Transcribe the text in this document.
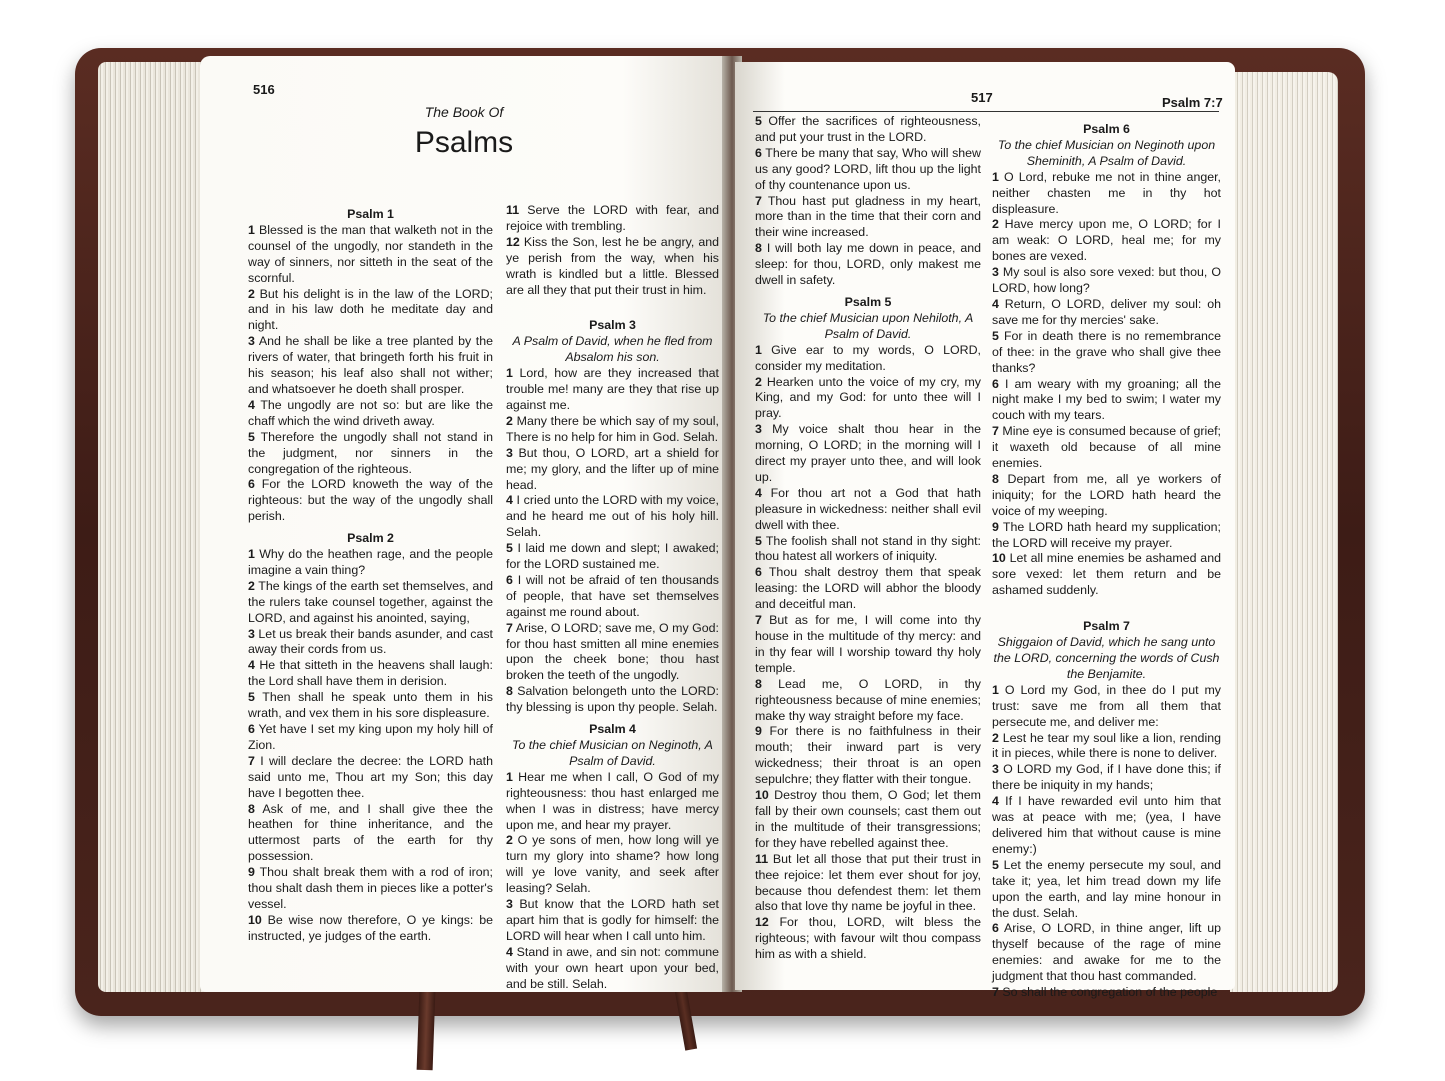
516
The Book Of
Psalms
Psalm 1

1 Blessed is the man that walketh not in the counsel of the ungodly, nor standeth in the way of sinners, nor sitteth in the seat of the scornful.

2 But his delight is in the law of the LORD; and in his law doth he meditate day and night.

3 And he shall be like a tree planted by the rivers of water, that bringeth forth his fruit in his season; his leaf also shall not wither; and whatsoever he doeth shall prosper.

4 The ungodly are not so: but are like the chaff which the wind driveth away.

5 Therefore the ungodly shall not stand in the judgment, nor sinners in the congregation of the righteous.

6 For the LORD knoweth the way of the righteous: but the way of the ungodly shall perish.

Psalm 2

1 Why do the heathen rage, and the people imagine a vain thing?

2 The kings of the earth set themselves, and the rulers take counsel together, against the LORD, and against his anointed, saying,

3 Let us break their bands asunder, and cast away their cords from us.

4 He that sitteth in the heavens shall laugh: the Lord shall have them in derision.

5 Then shall he speak unto them in his wrath, and vex them in his sore displeasure.

6 Yet have I set my king upon my holy hill of Zion.

7 I will declare the decree: the LORD hath said unto me, Thou art my Son; this day have I begotten thee.

8 Ask of me, and I shall give thee the heathen for thine inheritance, and the uttermost parts of the earth for thy possession.

9 Thou shalt break them with a rod of iron; thou shalt dash them in pieces like a potter's vessel.

10 Be wise now therefore, O ye kings: be instructed, ye judges of the earth.

11 Serve the LORD with fear, and rejoice with trembling.

12 Kiss the Son, lest he be angry, and ye perish from the way, when his wrath is kindled but a little. Blessed are all they that put their trust in him.

Psalm 3
A Psalm of David, when he fled from Absalom his son.

1 Lord, how are they increased that trouble me! many are they that rise up against me.

2 Many there be which say of my soul, There is no help for him in God. Selah.

3 But thou, O LORD, art a shield for me; my glory, and the lifter up of mine head.

4 I cried unto the LORD with my voice, and he heard me out of his holy hill. Selah.

5 I laid me down and slept; I awaked; for the LORD sustained me.

6 I will not be afraid of ten thousands of people, that have set themselves against me round about.

7 Arise, O LORD; save me, O my God: for thou hast smitten all mine enemies upon the cheek bone; thou hast broken the teeth of the ungodly.

8 Salvation belongeth unto the LORD: thy blessing is upon thy people. Selah.

Psalm 4
To the chief Musician on Neginoth, A Psalm of David.

1 Hear me when I call, O God of my righteousness: thou hast enlarged me when I was in distress; have mercy upon me, and hear my prayer.

2 O ye sons of men, how long will ye turn my glory into shame? how long will ye love vanity, and seek after leasing? Selah.

3 But know that the LORD hath set apart him that is godly for himself: the LORD will hear when I call unto him.

4 Stand in awe, and sin not: commune with your own heart upon your bed, and be still. Selah.

517	Psalm 7:7

5 Offer the sacrifices of righteousness, and put your trust in the LORD.

6 There be many that say, Who will shew us any good? LORD, lift thou up the light of thy countenance upon us.

7 Thou hast put gladness in my heart, more than in the time that their corn and their wine increased.

8 I will both lay me down in peace, and sleep: for thou, LORD, only makest me dwell in safety.

Psalm 5
To the chief Musician upon Nehiloth, A Psalm of David.

1 Give ear to my words, O LORD, consider my meditation.

2 Hearken unto the voice of my cry, my King, and my God: for unto thee will I pray.

3 My voice shalt thou hear in the morning, O LORD; in the morning will I direct my prayer unto thee, and will look up.

4 For thou art not a God that hath pleasure in wickedness: neither shall evil dwell with thee.

5 The foolish shall not stand in thy sight: thou hatest all workers of iniquity.

6 Thou shalt destroy them that speak leasing: the LORD will abhor the bloody and deceitful man.

7 But as for me, I will come into thy house in the multitude of thy mercy: and in thy fear will I worship toward thy holy temple.

8 Lead me, O LORD, in thy righteousness because of mine enemies; make thy way straight before my face.

9 For there is no faithfulness in their mouth; their inward part is very wickedness; their throat is an open sepulchre; they flatter with their tongue.

10 Destroy thou them, O God; let them fall by their own counsels; cast them out in the multitude of their transgressions; for they have rebelled against thee.

11 But let all those that put their trust in thee rejoice: let them ever shout for joy, because thou defendest them: let them also that love thy name be joyful in thee.

12 For thou, LORD, wilt bless the righteous; with favour wilt thou compass him as with a shield.

Psalm 6
To the chief Musician on Neginoth upon Sheminith, A Psalm of David.

1 O Lord, rebuke me not in thine anger, neither chasten me in thy hot displeasure.

2 Have mercy upon me, O LORD; for I am weak: O LORD, heal me; for my bones are vexed.

3 My soul is also sore vexed: but thou, O LORD, how long?

4 Return, O LORD, deliver my soul: oh save me for thy mercies' sake.

5 For in death there is no remembrance of thee: in the grave who shall give thee thanks?

6 I am weary with my groaning; all the night make I my bed to swim; I water my couch with my tears.

7 Mine eye is consumed because of grief; it waxeth old because of all mine enemies.

8 Depart from me, all ye workers of iniquity; for the LORD hath heard the voice of my weeping.

9 The LORD hath heard my supplication; the LORD will receive my prayer.

10 Let all mine enemies be ashamed and sore vexed: let them return and be ashamed suddenly.

Psalm 7
Shiggaion of David, which he sang unto the LORD, concerning the words of Cush the Benjamite.

1 O Lord my God, in thee do I put my trust: save me from all them that persecute me, and deliver me:

2 Lest he tear my soul like a lion, rending it in pieces, while there is none to deliver.

3 O LORD my God, if I have done this; if there be iniquity in my hands;

4 If I have rewarded evil unto him that was at peace with me; (yea, I have delivered him that without cause is mine enemy:)

5 Let the enemy persecute my soul, and take it; yea, let him tread down my life upon the earth, and lay mine honour in the dust. Selah.

6 Arise, O LORD, in thine anger, lift up thyself because of the rage of mine enemies: and awake for me to the judgment that thou hast commanded.

7 So shall the congregation of the people
